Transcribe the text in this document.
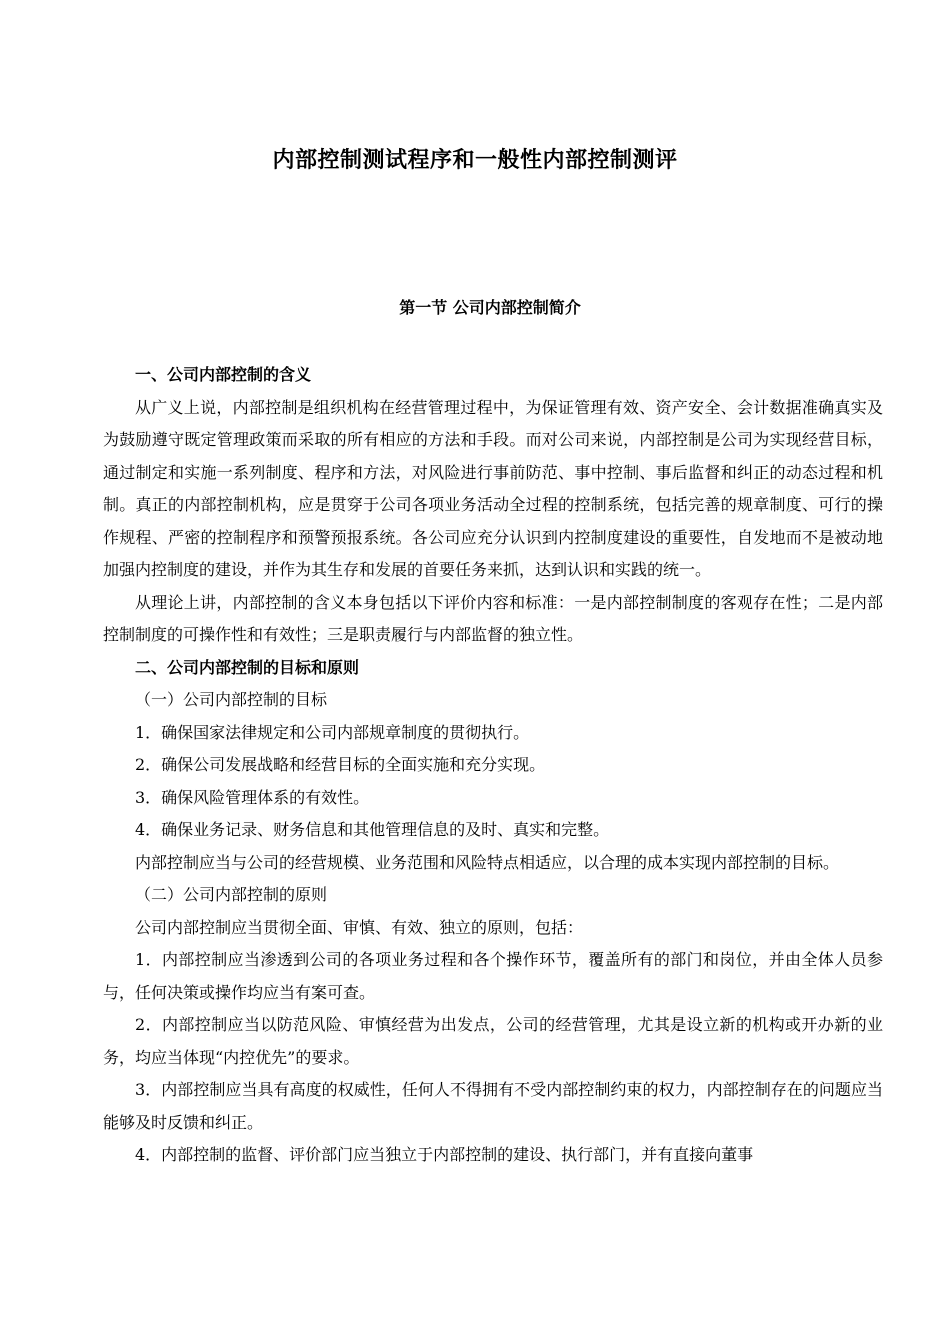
内部控制测试程序和一般性内部控制测评
第一节 公司内部控制简介

一、公司内部控制的含义

从广义上说，内部控制是组织机构在经营管理过程中，为保证管理有效、资产安全、会计数据准确真实及为鼓励遵守既定管理政策而采取的所有相应的方法和手段。而对公司来说，内部控制是公司为实现经营目标，通过制定和实施一系列制度、程序和方法，对风险进行事前防范、事中控制、事后监督和纠正的动态过程和机制。真正的内部控制机构，应是贯穿于公司各项业务活动全过程的控制系统，包括完善的规章制度、可行的操作规程、严密的控制程序和预警预报系统。各公司应充分认识到内控制度建设的重要性，自发地而不是被动地加强内控制度的建设，并作为其生存和发展的首要任务来抓，达到认识和实践的统一。

从理论上讲，内部控制的含义本身包括以下评价内容和标准：一是内部控制制度的客观存在性；二是内部控制制度的可操作性和有效性；三是职责履行与内部监督的独立性。

二、公司内部控制的目标和原则

（一）公司内部控制的目标

1．确保国家法律规定和公司内部规章制度的贯彻执行。

2．确保公司发展战略和经营目标的全面实施和充分实现。

3．确保风险管理体系的有效性。

4．确保业务记录、财务信息和其他管理信息的及时、真实和完整。

内部控制应当与公司的经营规模、业务范围和风险特点相适应，以合理的成本实现内部控制的目标。

（二）公司内部控制的原则

公司内部控制应当贯彻全面、审慎、有效、独立的原则，包括：

1．内部控制应当渗透到公司的各项业务过程和各个操作环节，覆盖所有的部门和岗位，并由全体人员参与，任何决策或操作均应当有案可查。

2．内部控制应当以防范风险、审慎经营为出发点，公司的经营管理，尤其是设立新的机构或开办新的业务，均应当体现“内控优先”的要求。

3．内部控制应当具有高度的权威性，任何人不得拥有不受内部控制约束的权力，内部控制存在的问题应当能够及时反馈和纠正。

4．内部控制的监督、评价部门应当独立于内部控制的建设、执行部门，并有直接向董事
